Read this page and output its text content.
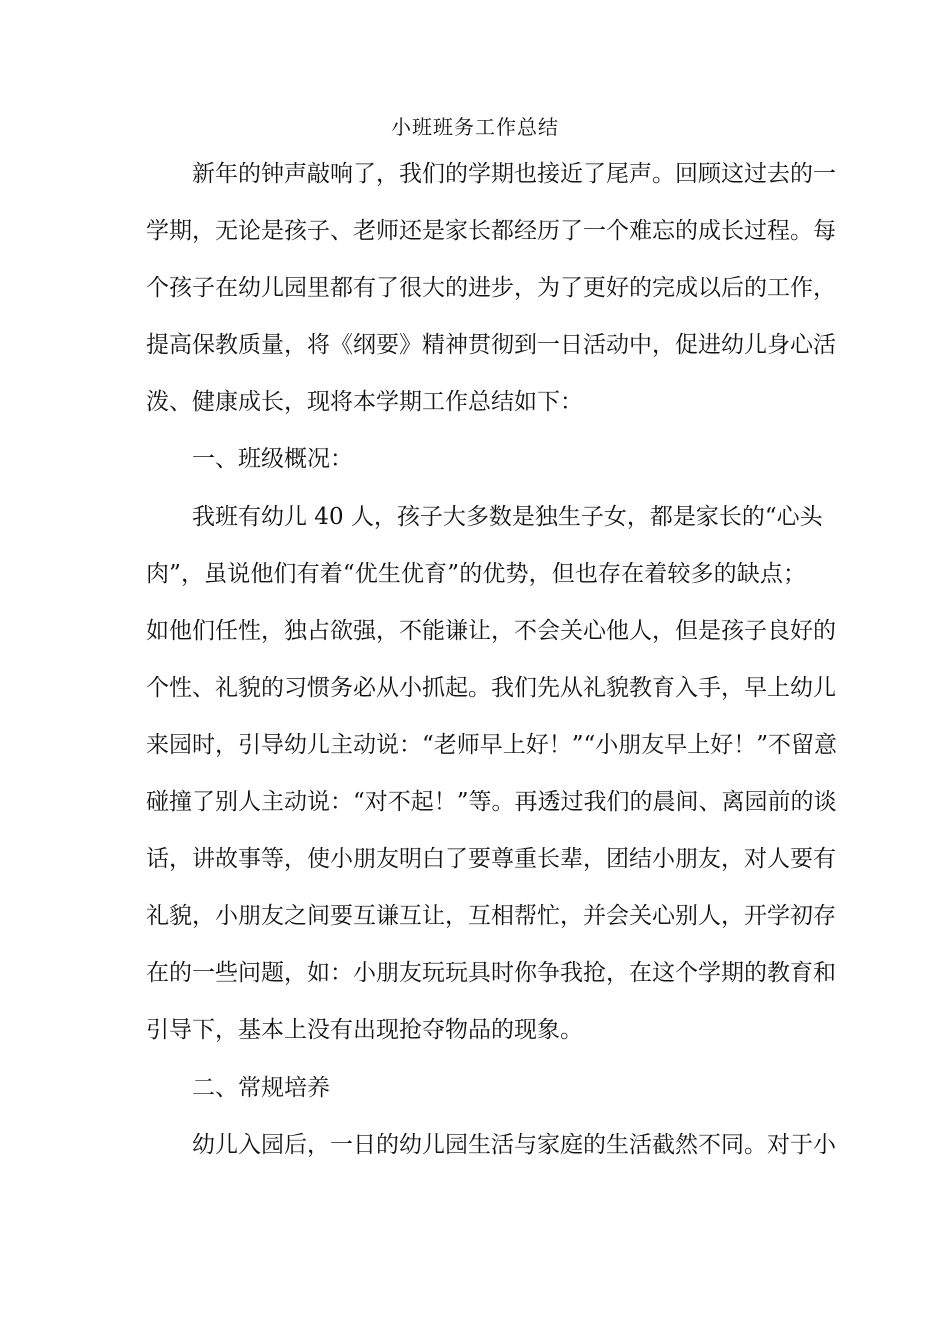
小班班务工作总结
新年的钟声敲响了，我们的学期也接近了尾声。回顾这过去的一
学期，无论是孩子、老师还是家长都经历了一个难忘的成长过程。每
个孩子在幼儿园里都有了很大的进步，为了更好的完成以后的工作，
提高保教质量，将《纲要》精神贯彻到一日活动中，促进幼儿身心活
泼、健康成长，现将本学期工作总结如下：
一、班级概况：
我班有幼儿 40 人，孩子大多数是独生子女，都是家长的“心头
肉”，虽说他们有着“优生优育”的优势，但也存在着较多的缺点；
如他们任性，独占欲强，不能谦让，不会关心他人，但是孩子良好的
个性、礼貌的习惯务必从小抓起。我们先从礼貌教育入手，早上幼儿
来园时，引导幼儿主动说：“老师早上好！”“小朋友早上好！”不留意
碰撞了别人主动说：“对不起！”等。再透过我们的晨间、离园前的谈
话，讲故事等，使小朋友明白了要尊重长辈，团结小朋友，对人要有
礼貌，小朋友之间要互谦互让，互相帮忙，并会关心别人，开学初存
在的一些问题，如：小朋友玩玩具时你争我抢，在这个学期的教育和
引导下，基本上没有出现抢夺物品的现象。
二、常规培养
幼儿入园后，一日的幼儿园生活与家庭的生活截然不同。对于小
